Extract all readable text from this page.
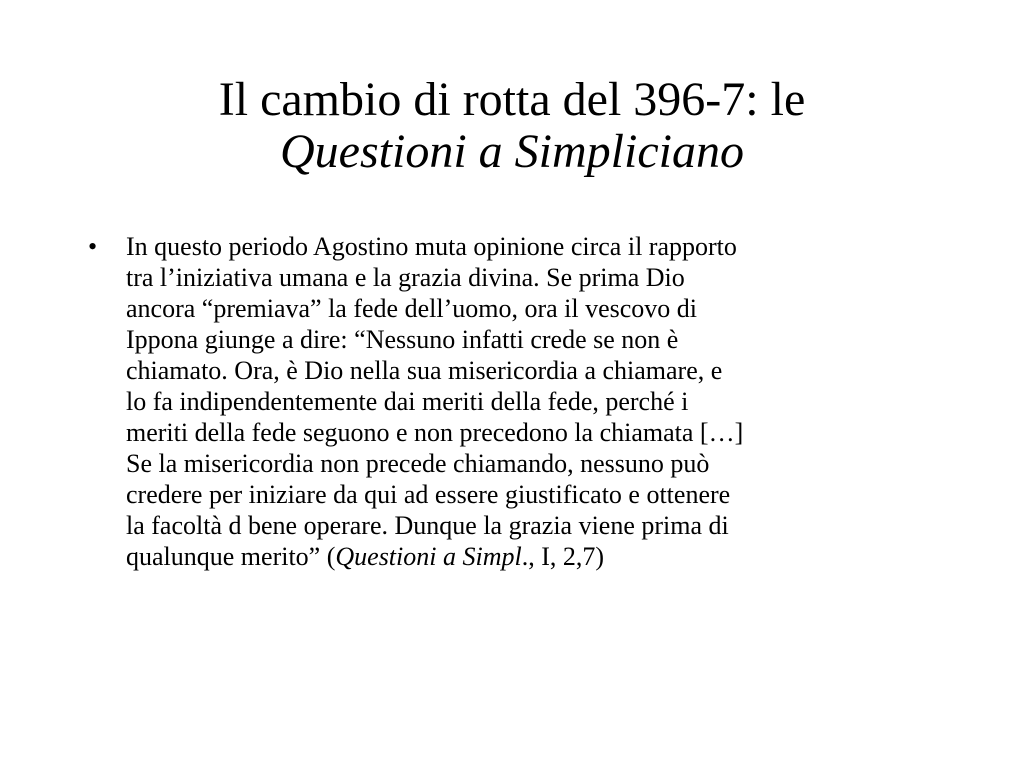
Il cambio di rotta del 396-7: le
Questioni a Simpliciano
•	In questo periodo Agostino muta opinione circa il rapporto
tra l’iniziativa umana e la grazia divina. Se prima Dio
ancora “premiava” la fede dell’uomo, ora il vescovo di
Ippona giunge a dire: “Nessuno infatti crede se non è
chiamato. Ora, è Dio nella sua misericordia a chiamare, e
lo fa indipendentemente dai meriti della fede, perché i
meriti della fede seguono e non precedono la chiamata […]
Se la misericordia non precede chiamando, nessuno può
credere per iniziare da qui ad essere giustificato e ottenere
la facoltà d bene operare. Dunque la grazia viene prima di
qualunque merito” (Questioni a Simpl., I, 2,7)
